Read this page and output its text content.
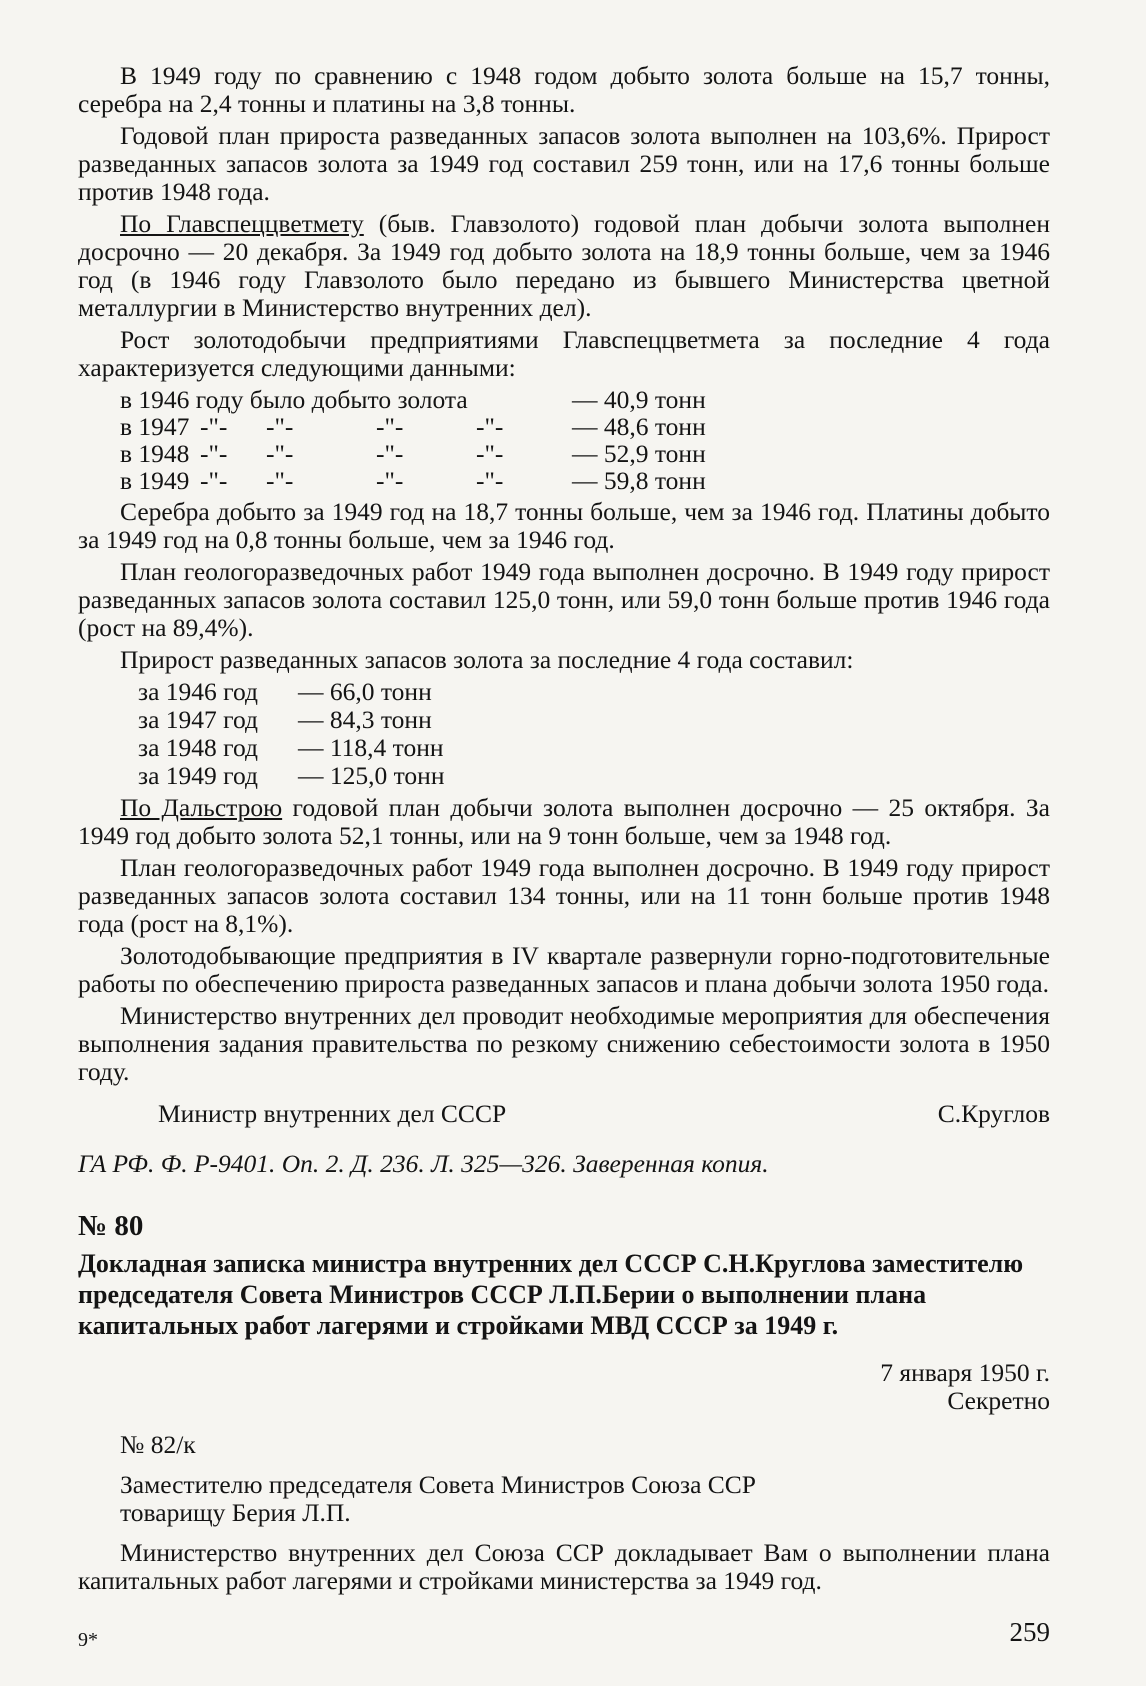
В 1949 году по сравнению с 1948 годом добыто золота больше на 15,7 тонны, серебра на 2,4 тонны и платины на 3,8 тонны.

Годовой план прироста разведанных запасов золота выполнен на 103,6%. Прирост разведанных запасов золота за 1949 год составил 259 тонн, или на 17,6 тонны больше против 1948 года.

По Главспеццветмету (быв. Главзолото) годовой план добычи золота выполнен досрочно — 20 декабря. За 1949 год добыто золота на 18,9 тонны больше, чем за 1946 год (в 1946 году Главзолото было передано из бывшего Министерства цветной металлургии в Министерство внутренних дел).

Рост золотодобычи предприятиями Главспеццветмета за последние 4 года характеризуется следующими данными:

в 1946 году было добыто золота	— 40,9 тонн
в 1947 -"-	-"-	-"-	-"-	— 48,6 тонн
в 1948 -"-	-"-	-"-	-"-	— 52,9 тонн
в 1949 -"-	-"-	-"-	-"-	— 59,8 тонн

Серебра добыто за 1949 год на 18,7 тонны больше, чем за 1946 год. Платины добыто за 1949 год на 0,8 тонны больше, чем за 1946 год.

План геологоразведочных работ 1949 года выполнен досрочно. В 1949 году прирост разведанных запасов золота составил 125,0 тонн, или 59,0 тонн больше против 1946 года (рост на 89,4%).

Прирост разведанных запасов золота за последние 4 года составил:

за 1946 год	— 66,0 тонн
за 1947 год	— 84,3 тонн
за 1948 год	— 118,4 тонн
за 1949 год	— 125,0 тонн

По Дальстрою годовой план добычи золота выполнен досрочно — 25 октября. За 1949 год добыто золота 52,1 тонны, или на 9 тонн больше, чем за 1948 год.

План геологоразведочных работ 1949 года выполнен досрочно. В 1949 году прирост разведанных запасов золота составил 134 тонны, или на 11 тонн больше против 1948 года (рост на 8,1%).

Золотодобывающие предприятия в IV квартале развернули горно-подготовительные работы по обеспечению прироста разведанных запасов и плана добычи золота 1950 года.

Министерство внутренних дел проводит необходимые мероприятия для обеспечения выполнения задания правительства по резкому снижению себестоимости золота в 1950 году.

Министр внутренних дел СССР	С.Круглов
ГА РФ. Ф. Р-9401. Оп. 2. Д. 236. Л. 325—326. Заверенная копия.
№ 80
Докладная записка министра внутренних дел СССР С.Н.Круглова заместителю председателя Совета Министров СССР Л.П.Берии о выполнении плана капитальных работ лагерями и стройками МВД СССР за 1949 г.
7 января 1950 г.
Секретно
№ 82/к
Заместителю председателя Совета Министров Союза ССР
товарищу Берия Л.П.

Министерство внутренних дел Союза ССР докладывает Вам о выполнении плана капитальных работ лагерями и стройками министерства за 1949 год.

9*	259
